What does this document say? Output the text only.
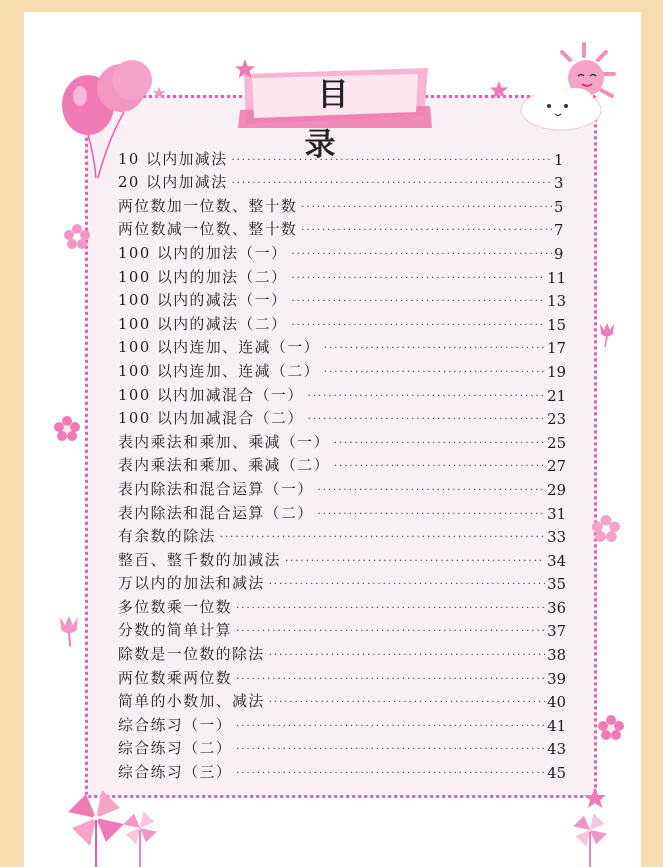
目 录
10 以内加减法 ·····	1
20 以内加减法 ·····	3
两位数加一位数、整十数 ·····	5
两位数减一位数、整十数 ·····	7
100 以内的加法（一） ·····	9
100 以内的加法（二） ·····	11
100 以内的减法（一） ·····	13
100 以内的减法（二） ·····	15
100 以内连加、连减（一） ·····	17
100 以内连加、连减（二） ·····	19
100 以内加减混合（一） ·····	21
100 以内加减混合（二） ·····	23
表内乘法和乘加、乘减（一） ·····	25
表内乘法和乘加、乘减（二） ·····	27
表内除法和混合运算（一） ·····	29
表内除法和混合运算（二） ·····	31
有余数的除法 ·····	33
整百、整千数的加减法 ·····	34
万以内的加法和减法 ·····	35
多位数乘一位数 ·····	36
分数的简单计算 ·····	37
除数是一位数的除法 ·····	38
两位数乘两位数 ·····	39
简单的小数加、减法 ·····	40
综合练习（一） ·····	41
综合练习（二） ·····	43
综合练习（三） ·····	45
